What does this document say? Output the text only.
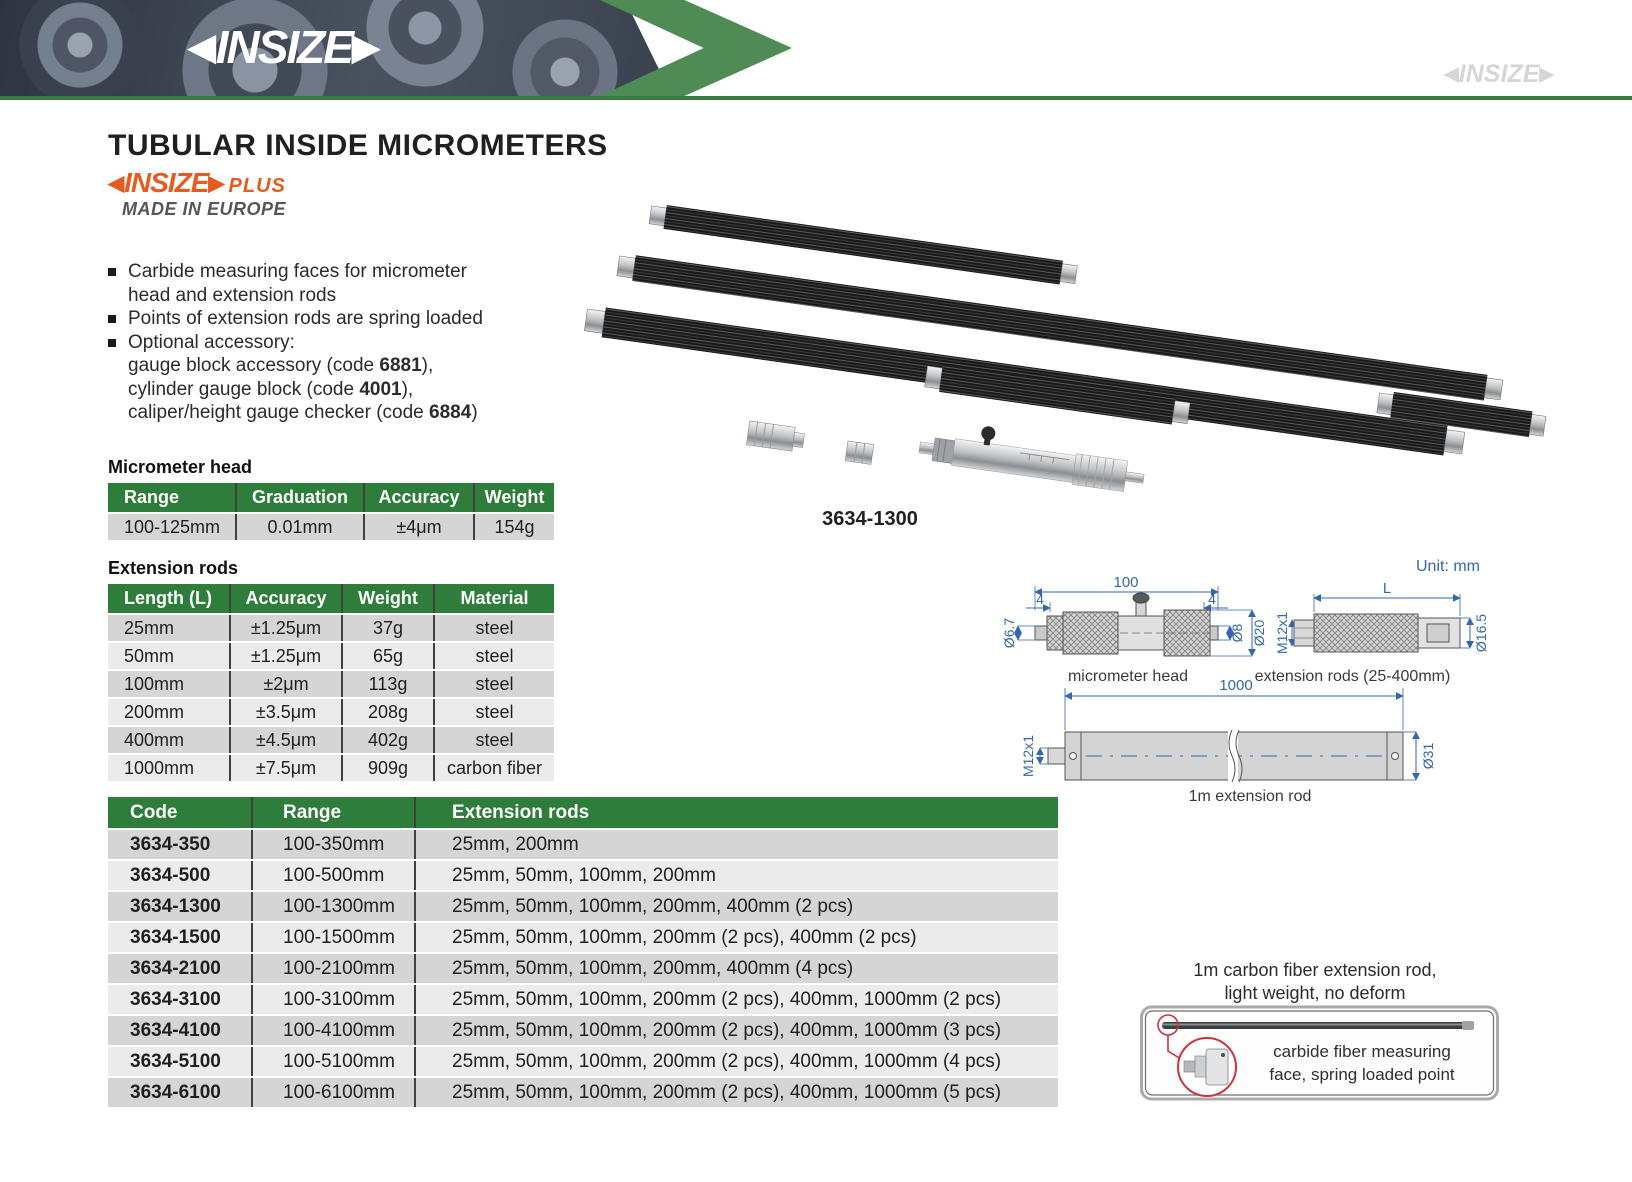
◀INSIZE▶
◀INSIZE▶
TUBULAR INSIDE MICROMETERS
◀INSIZE▶ PLUS
MADE IN EUROPE
Carbide measuring faces for micrometer
head and extension rods
Points of extension rods are spring loaded
Optional accessory:
gauge block accessory (code 6881),
cylinder gauge block (code 4001),
caliper/height gauge checker (code 6884)
Micrometer head
Range	Graduation	Accuracy	Weight
100-125mm	0.01mm	±4μm	154g
Extension rods
Length (L)	Accuracy	Weight	Material
25mm	±1.25μm	37g	steel
50mm	±1.25μm	65g	steel
100mm	±2μm	113g	steel
200mm	±3.5μm	208g	steel
400mm	±4.5μm	402g	steel
1000mm	±7.5μm	909g	carbon fiber
Code	Range	Extension rods
3634-350	100-350mm	25mm, 200mm
3634-500	100-500mm	25mm, 50mm, 100mm, 200mm
3634-1300	100-1300mm	25mm, 50mm, 100mm, 200mm, 400mm (2 pcs)
3634-1500	100-1500mm	25mm, 50mm, 100mm, 200mm (2 pcs), 400mm (2 pcs)
3634-2100	100-2100mm	25mm, 50mm, 100mm, 200mm, 400mm (4 pcs)
3634-3100	100-3100mm	25mm, 50mm, 100mm, 200mm (2 pcs), 400mm, 1000mm (2 pcs)
3634-4100	100-4100mm	25mm, 50mm, 100mm, 200mm (2 pcs), 400mm, 1000mm (3 pcs)
3634-5100	100-5100mm	25mm, 50mm, 100mm, 200mm (2 pcs), 400mm, 1000mm (4 pcs)
3634-6100	100-6100mm	25mm, 50mm, 100mm, 200mm (2 pcs), 400mm, 1000mm (5 pcs)
3634-1300
Unit: mm
100
4	4
Ø6.7	Ø8 Ø20 M12x1
L
Ø16.5
1000
M12x1	Ø31
micrometer head	extension rods (25-400mm)
1m extension rod
1m carbon fiber extension rod,
light weight, no deform
carbide fiber measuring
face, spring loaded point
